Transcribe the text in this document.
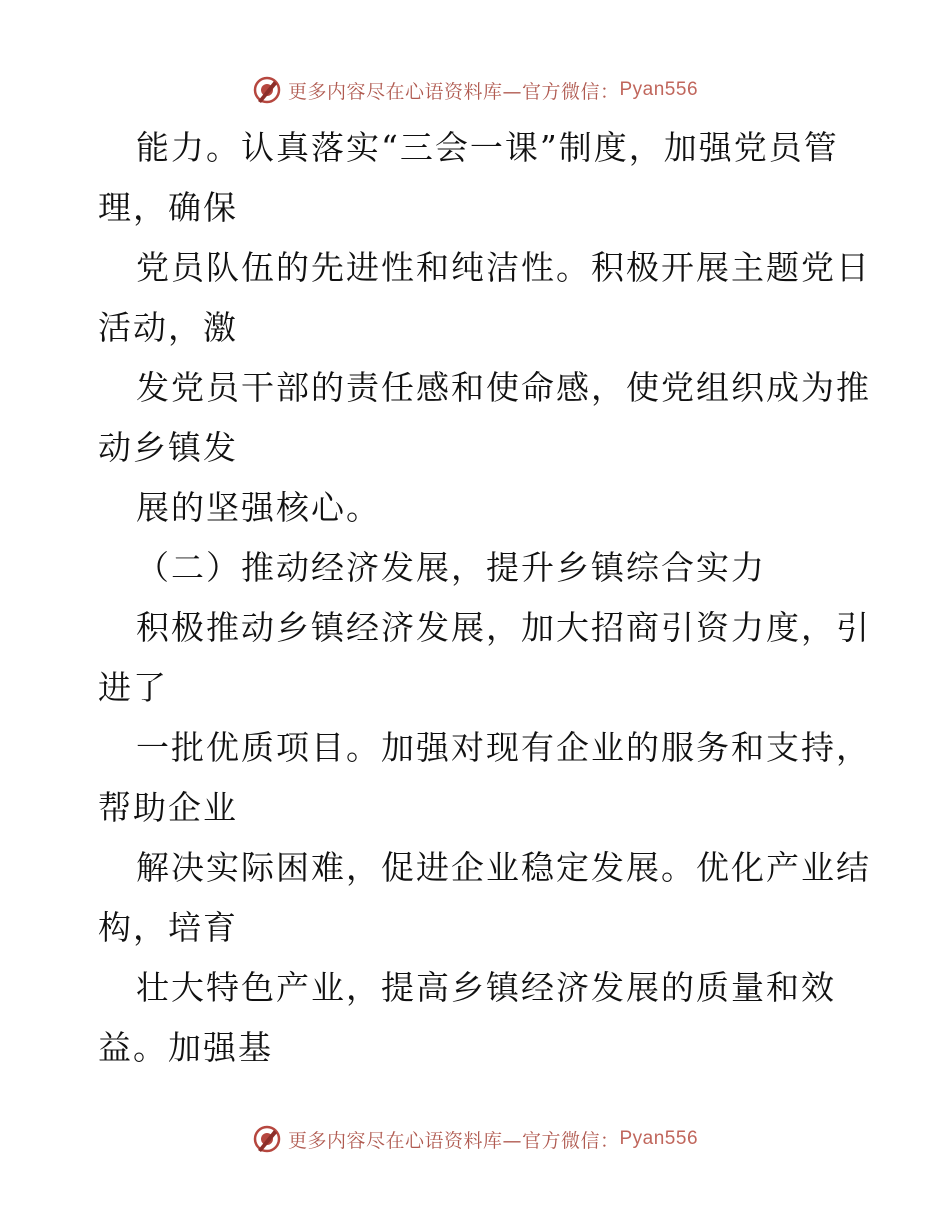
更多内容尽在心语资料库—官方微信： Pyan556
能力。认真落实“三会一课”制度，加强党员管
理，确保
党员队伍的先进性和纯洁性。积极开展主题党日
活动，激
发党员干部的责任感和使命感，使党组织成为推
动乡镇发
展的坚强核心。
（二）推动经济发展，提升乡镇综合实力
积极推动乡镇经济发展，加大招商引资力度，引
进了
一批优质项目。加强对现有企业的服务和支持，
帮助企业
解决实际困难，促进企业稳定发展。优化产业结
构，培育
壮大特色产业，提高乡镇经济发展的质量和效
益。加强基
更多内容尽在心语资料库—官方微信： Pyan556
